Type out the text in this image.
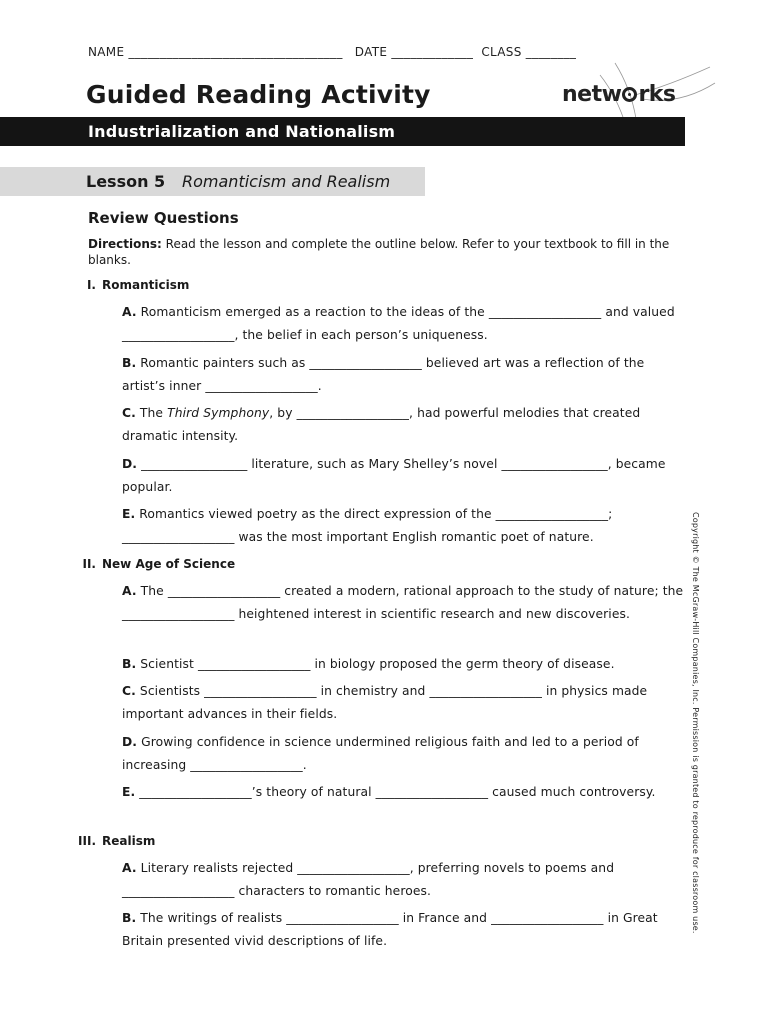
NAME __________________________________ DATE _____________ CLASS ________
Guided Reading Activity	netw rks
Industrialization and Nationalism
Lesson 5 Romanticism and Realism
Review Questions
Directions: Read the lesson and complete the outline below. Refer to your textbook to fill in the blanks.
I. Romanticism
A. Romanticism emerged as a reaction to the ideas of the __________________ and valued __________________, the belief in each person’s uniqueness.
B. Romantic painters such as __________________ believed art was a reflection of the artist’s inner __________________.
C. The Third Symphony, by __________________, had powerful melodies that created dramatic intensity.
D. _________________ literature, such as Mary Shelley’s novel _________________, became popular.
E. Romantics viewed poetry as the direct expression of the __________________; __________________ was the most important English romantic poet of nature.
II. New Age of Science
A. The __________________ created a modern, rational approach to the study of nature; the __________________ heightened interest in scientific research and new discoveries.
B. Scientist __________________ in biology proposed the germ theory of disease.
C. Scientists __________________ in chemistry and __________________ in physics made important advances in their fields.
D. Growing confidence in science undermined religious faith and led to a period of increasing __________________.
E. __________________’s theory of natural __________________ caused much controversy.
III. Realism
A. Literary realists rejected __________________, preferring novels to poems and __________________ characters to romantic heroes.
B. The writings of realists __________________ in France and __________________ in Great Britain presented vivid descriptions of life.
Copyright © The McGraw-Hill Companies, Inc. Permission is granted to reproduce for classroom use.
